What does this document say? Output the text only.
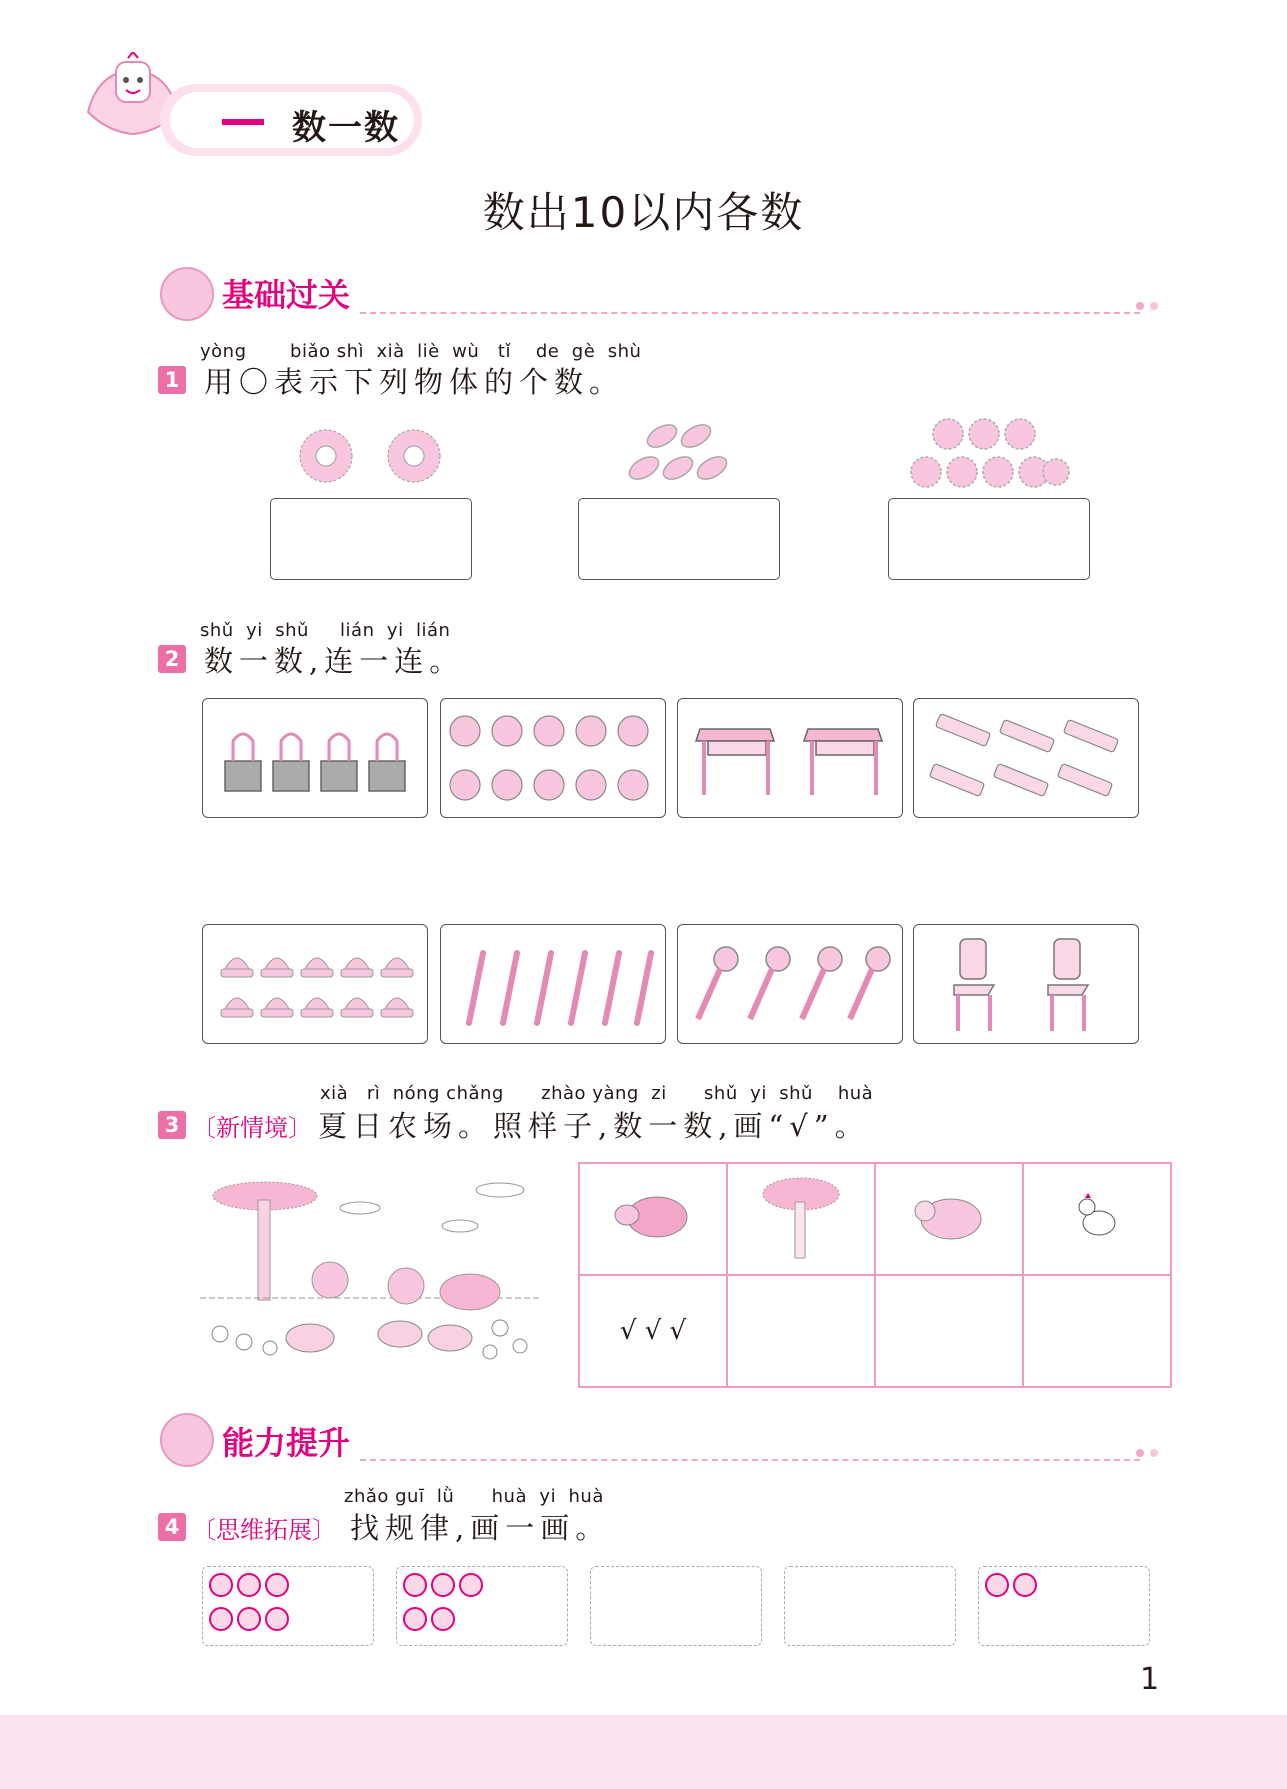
数一数
数出10以内各数
基础过关
yòng       biǎo shì  xià  liè  wù   tǐ    de  gè  shù
1 用〇表示下列物体的个数。
shǔ  yi  shǔ     lián  yi  lián
2 数一数,连一连。
xià   rì  nóng chǎng      zhào yàng  zi      shǔ  yi  shǔ    huà
3 〔新情境〕 夏日农场。照样子,数一数,画“√”。

√ √ √			
能力提升
zhǎo guī  lǜ      huà  yi  huà
4 〔思维拓展〕 找规律,画一画。

1
